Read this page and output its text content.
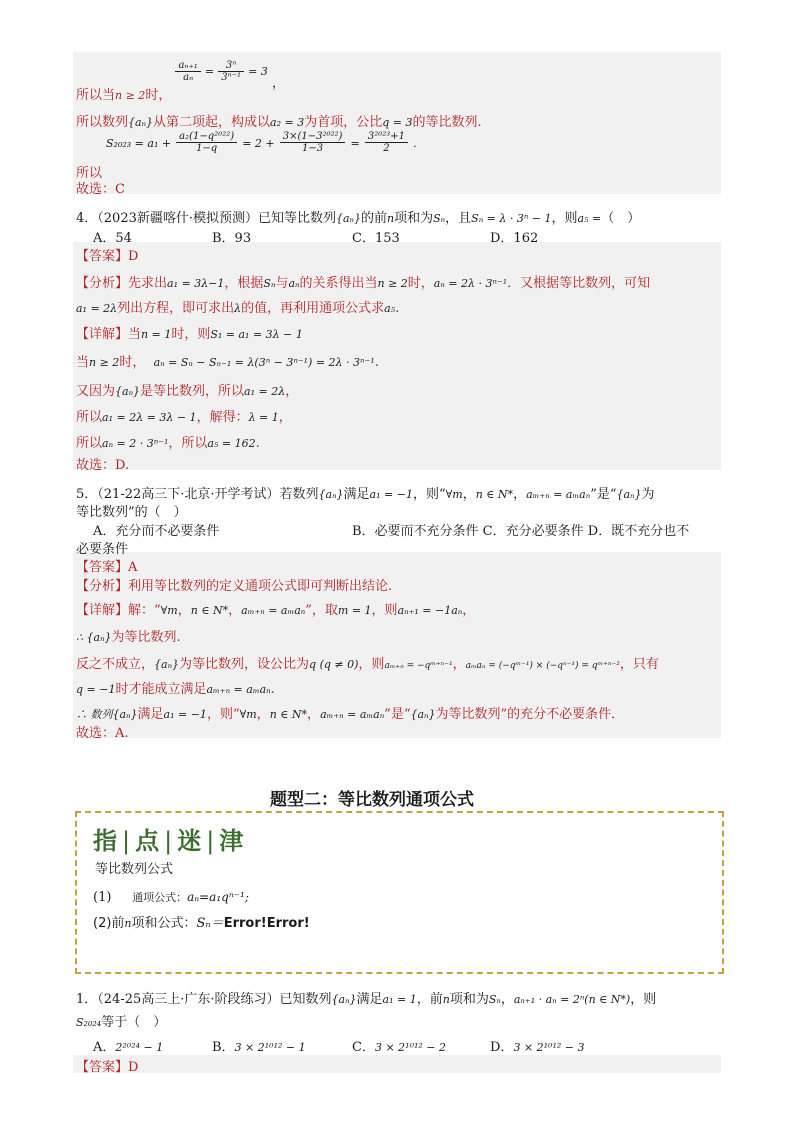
所以当$_{n \ge 2}$时，
$\frac{\text{aₙ₊₁}}{\text{aₙ}} = \frac{\text{3ⁿ}}{\text{3ⁿ⁻¹}} = 3$ ，
所以数列{aₙ}从第二项起，构成以a₂ = 3为首项，公比q = 3的等比数列.
$S_{2023} = a_1 + \frac{\text{a₂(1−q²⁰²²)}}{1-q} = 2 + \frac{\text{3×(1−3²⁰²²)}}{1-3} = \frac{\text{3²⁰²³+1}}{2}$ .
所以
故选：C
4．（2023新疆喀什·模拟预测）已知等比数列{aₙ}的前n项和为Sₙ，且Sₙ = λ · 3ⁿ − 1，则a₅ =（　）
A．54	B．93	C．153	D．162
【答案】D
【分析】先求出a₁ = 3λ−1，根据Sₙ与aₙ的关系得出当n ≥ 2时，aₙ = 2λ · 3ⁿ⁻¹．又根据等比数列，可知
a₁ = 2λ列出方程，即可求出λ的值，再利用通项公式求a₅.
【详解】当n = 1时，则S₁ = a₁ = 3λ − 1
当n ≥ 2时， aₙ = Sₙ − Sₙ₋₁ = λ(3ⁿ − 3ⁿ⁻¹) = 2λ · 3ⁿ⁻¹.
又因为{aₙ}是等比数列，所以a₁ = 2λ，
所以a₁ = 2λ = 3λ − 1，解得：λ = 1，
所以aₙ = 2 · 3ⁿ⁻¹，所以a₅ = 162.
故选：D.
5．（21-22高三下·北京·开学考试）若数列{aₙ}满足a₁ = −1，则“∀m，n ∈ N*，aₘ₊ₙ = aₘaₙ”是“{aₙ}为
等比数列”的（　）
A．充分而不必要条件	B．必要而不充分条件 C．充分必要条件 D．既不充分也不
必要条件
【答案】A
【分析】利用等比数列的定义通项公式即可判断出结论.
【详解】解：“∀m，n ∈ N*，aₘ₊ₙ = aₘaₙ”，取m = 1，则aₙ₊₁ = −1aₙ，
∴ {aₙ}为等比数列.
反之不成立，{aₙ}为等比数列，设公比为q (q ≠ 0)，则aₘ₊ₙ = −qᵐ⁺ⁿ⁻¹，aₘaₙ = (−qᵐ⁻¹) × (−qⁿ⁻¹) = qᵐ⁺ⁿ⁻²，只有
q = −1时才能成立满足aₘ₊ₙ = aₘaₙ.
∴ 数列{aₙ}满足a₁ = −1，则“∀m，n ∈ N*，aₘ₊ₙ = aₘaₙ”是“{aₙ}为等比数列”的充分不必要条件．
故选：A.
题型二：等比数列通项公式
指 | 点 | 迷 | 津
等比数列公式
(1) 通项公式：aₙ=a₁qⁿ⁻¹;
(2)前n项和公式：Sₙ＝Error!Error!
1．（24-25高三上·广东·阶段练习）已知数列{aₙ}满足a₁ = 1，前n项和为Sₙ，aₙ₊₁ · aₙ = 2ⁿ(n ∈ N*)，则
S₂₀₂₄等于（　）
A．2²⁰²⁴ − 1	B．3 × 2¹⁰¹² − 1	C．3 × 2¹⁰¹² − 2	D．3 × 2¹⁰¹² − 3
【答案】D
